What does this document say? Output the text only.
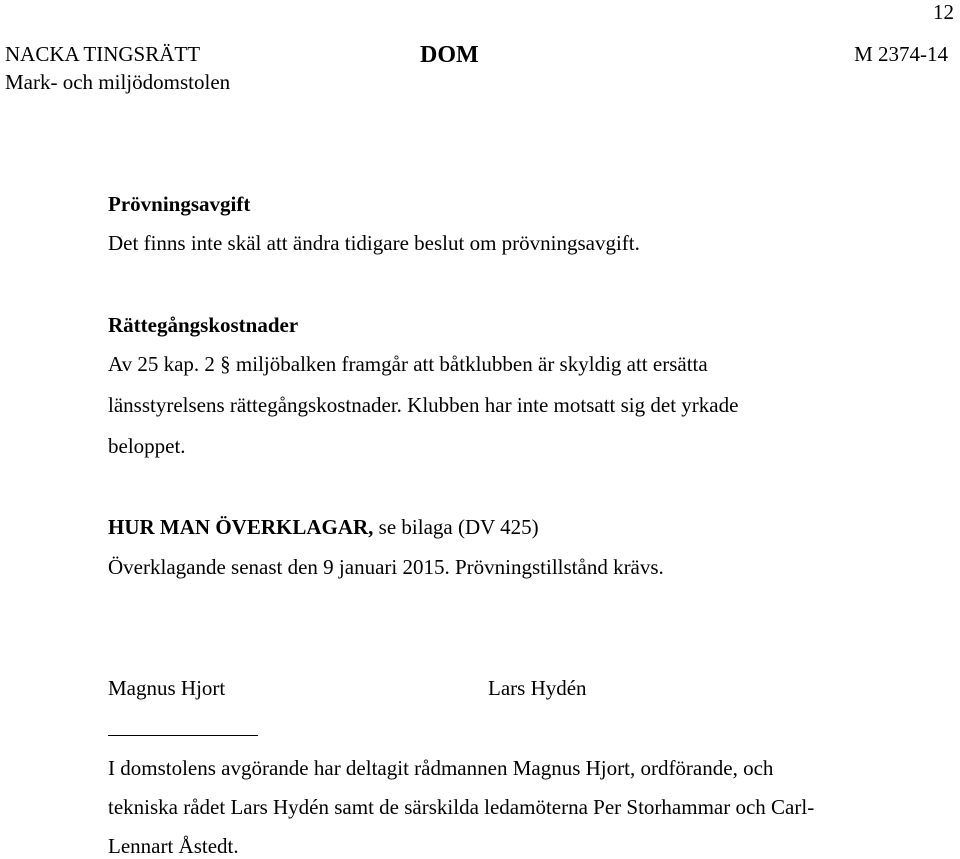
12
NACKA TINGSRÄTT
Mark- och miljödomstolen
DOM	M 2374-14
Prövningsavgift
Det finns inte skäl att ändra tidigare beslut om prövningsavgift.
Rättegångskostnader
Av 25 kap. 2 § miljöbalken framgår att båtklubben är skyldig att ersätta
länsstyrelsens rättegångskostnader. Klubben har inte motsatt sig det yrkade
beloppet.
HUR MAN ÖVERKLAGAR, se bilaga (DV 425)
Överklagande senast den 9 januari 2015. Prövningstillstånd krävs.
Magnus Hjort	Lars Hydén
I domstolens avgörande har deltagit rådmannen Magnus Hjort, ordförande, och
tekniska rådet Lars Hydén samt de särskilda ledamöterna Per Storhammar och Carl-
Lennart Åstedt.
